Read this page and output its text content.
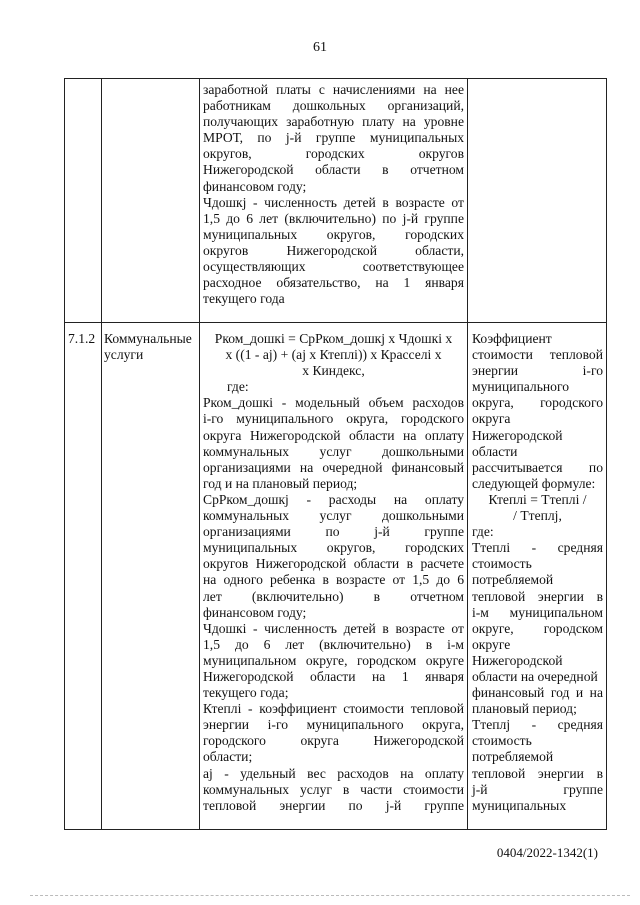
61

заработной платы с начислениями на нее

работникам дошкольных организаций,

получающих заработную плату на уровне

МРОТ, по j-й группе муниципальных

округов, городских округов

Нижегородской области в отчетном

финансовом году;

Чдошкj - численность детей в возрасте от

1,5 до 6 лет (включительно) по j-й группе

муниципальных округов, городских

округов Нижегородской области,

осуществляющих соответствующее

расходное обязательство, на 1 января

текущего года

7.1.2 Коммунальные

услуги

Pком_дошкi = СрPком_дошкj x Чдошкi x

x ((1 - aj) + (aj x Ктеплi)) x Красселi x

x Киндекс,

где:

Pком_дошкi - модельный объем расходов

i-го муниципального округа, городского

округа Нижегородской области на оплату

коммунальных услуг дошкольными

организациями на очередной финансовый

год и на плановый период;

СрPком_дошкj - расходы на оплату

коммунальных услуг дошкольными

организациями по j-й группе

муниципальных округов, городских

округов Нижегородской области в расчете

на одного ребенка в возрасте от 1,5 до 6

лет (включительно) в отчетном

финансовом году;

Чдошкi - численность детей в возрасте от

1,5 до 6 лет (включительно) в i-м

муниципальном округе, городском округе

Нижегородской области на 1 января

текущего года;

Ктеплi - коэффициент стоимости тепловой

энергии i-го муниципального округа,

городского округа Нижегородской

области;

aj - удельный вес расходов на оплату

коммунальных услуг в части стоимости

тепловой энергии по j-й группе

Коэффициент

стоимости тепловой

энергии i-го

муниципального

округа, городского

округа

Нижегородской

области

рассчитывается по

следующей формуле:

Ктеплi = Ттеплi /

/ Ттеплj,

где:

Ттеплi - средняя

стоимость

потребляемой

тепловой энергии в

i-м муниципальном

округе, городском

округе

Нижегородской

области на очередной

финансовый год и на

плановый период;

Ттеплj - средняя

стоимость

потребляемой

тепловой энергии в

j-й группе

муниципальных

0404/2022-1342(1)
